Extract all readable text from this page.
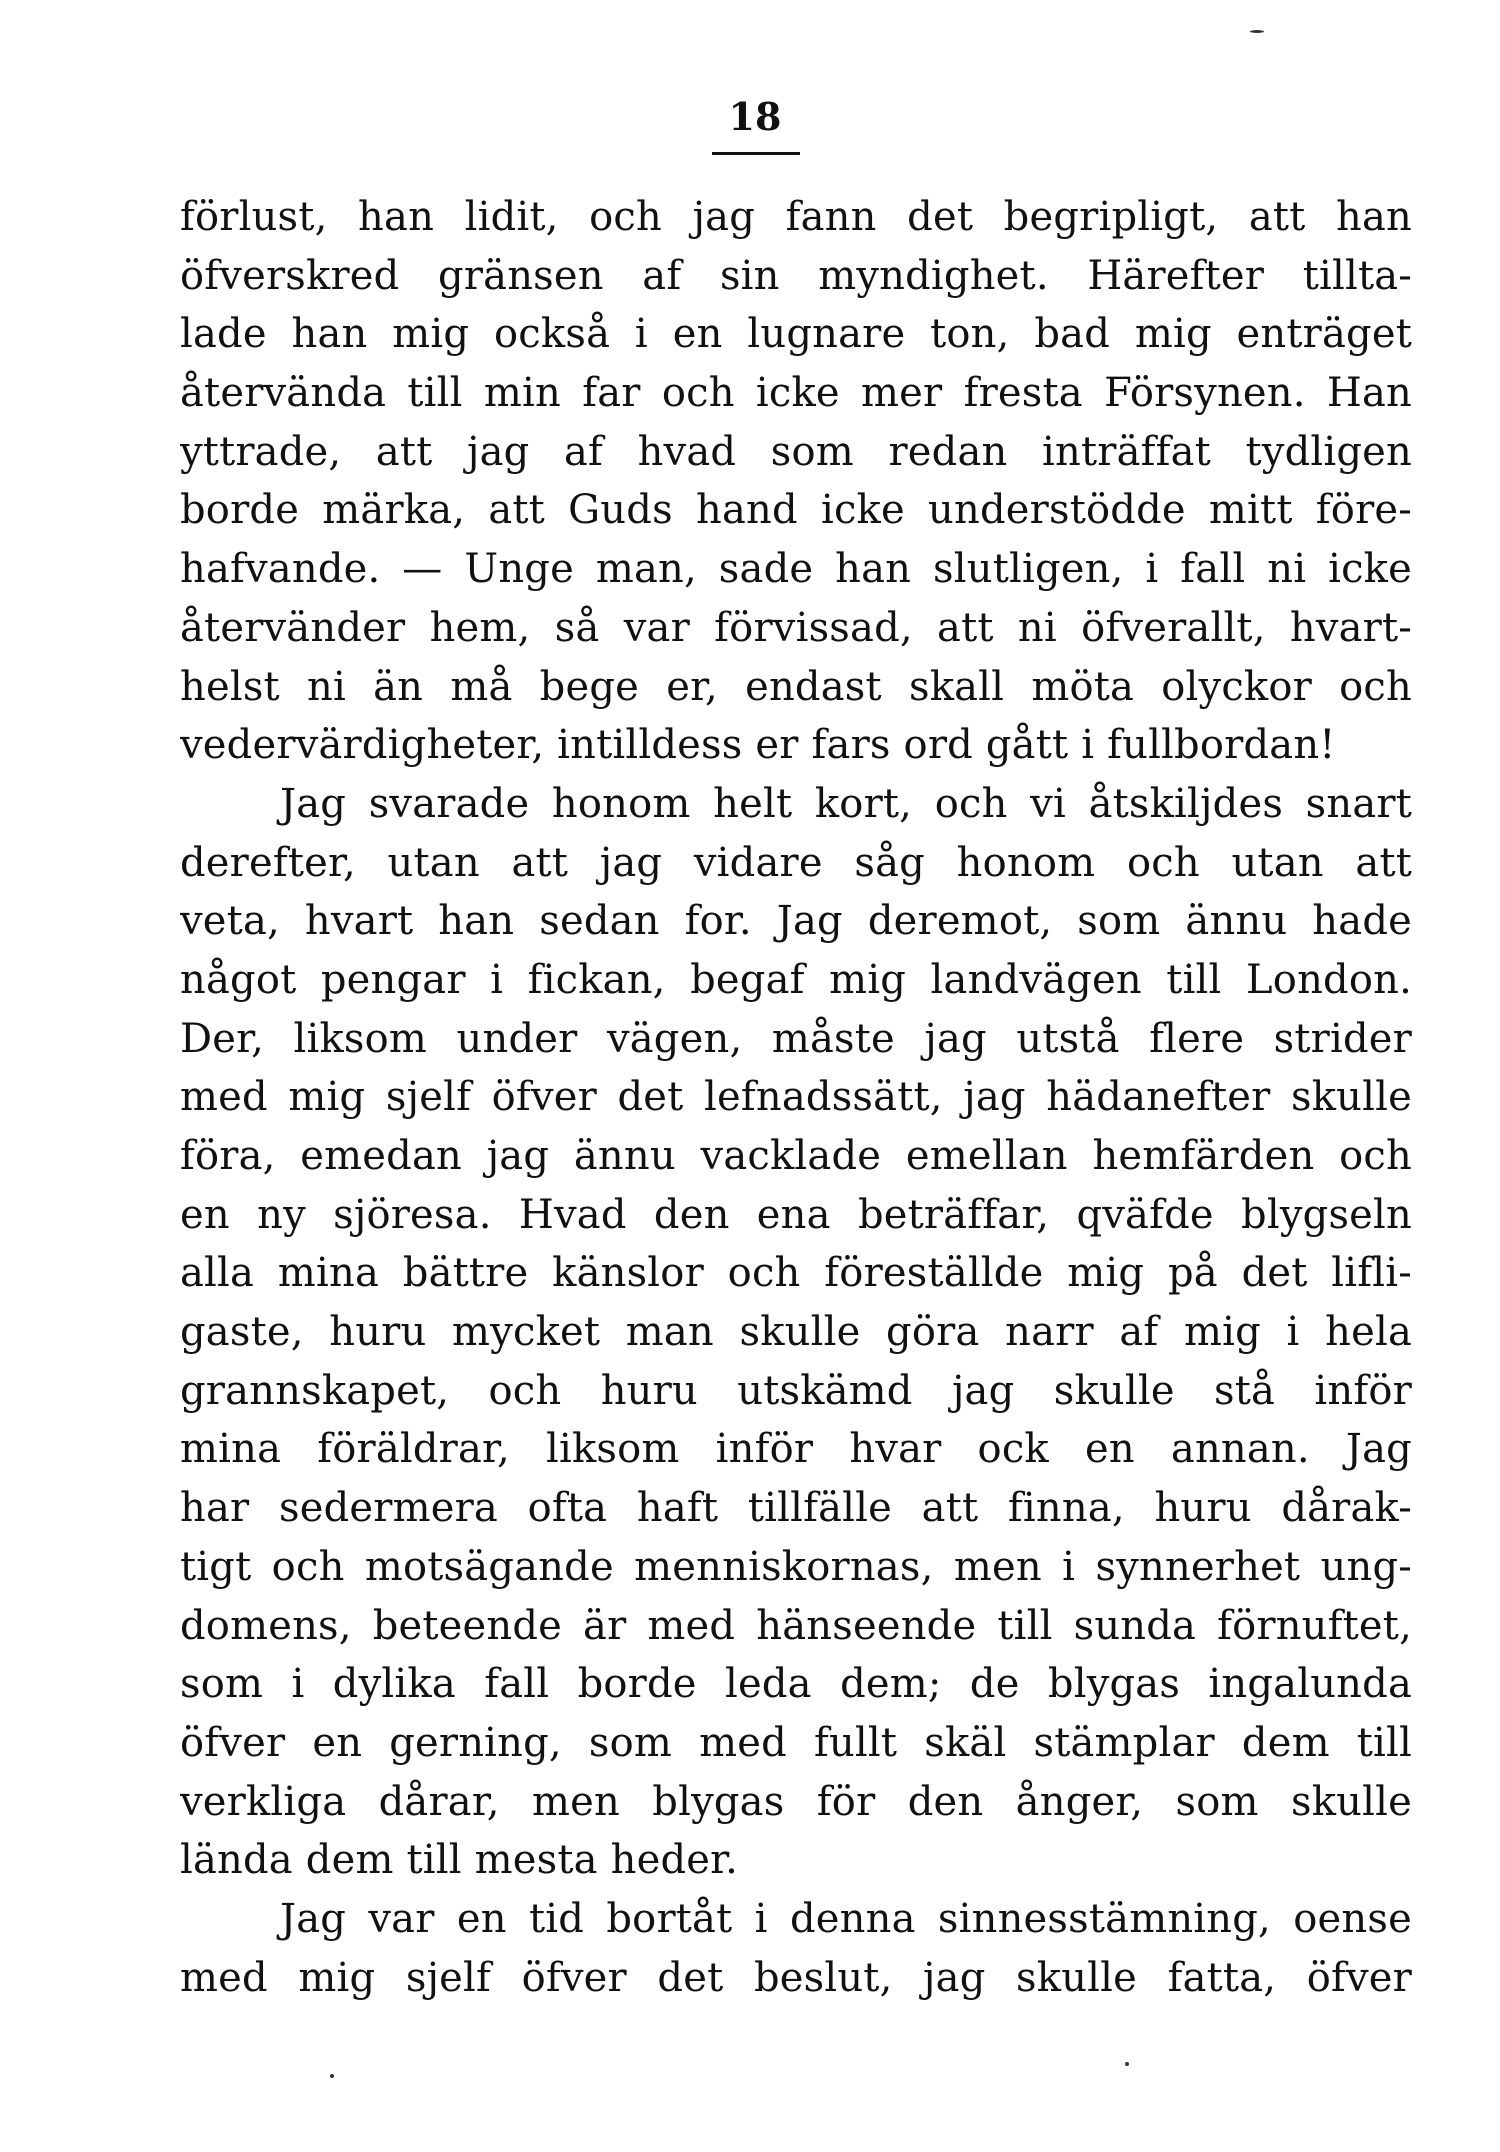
18
förlust, han lidit, och jag fann det begripligt, att han
öfverskred gränsen af sin myndighet. Härefter tillta-
lade han mig också i en lugnare ton, bad mig enträget
återvända till min far och icke mer fresta Försynen. Han
yttrade, att jag af hvad som redan inträffat tydligen
borde märka, att Guds hand icke understödde mitt före-
hafvande. — Unge man, sade han slutligen, i fall ni icke
återvänder hem, så var förvissad, att ni öfverallt, hvart-
helst ni än må bege er, endast skall möta olyckor och
vedervärdigheter, intilldess er fars ord gått i fullbordan!
Jag svarade honom helt kort, och vi åtskiljdes snart
derefter, utan att jag vidare såg honom och utan att
veta, hvart han sedan for. Jag deremot, som ännu hade
något pengar i fickan, begaf mig landvägen till London.
Der, liksom under vägen, måste jag utstå flere strider
med mig sjelf öfver det lefnadssätt, jag hädanefter skulle
föra, emedan jag ännu vacklade emellan hemfärden och
en ny sjöresa. Hvad den ena beträffar, qväfde blygseln
alla mina bättre känslor och föreställde mig på det lifli-
gaste, huru mycket man skulle göra narr af mig i hela
grannskapet, och huru utskämd jag skulle stå inför
mina föräldrar, liksom inför hvar ock en annan. Jag
har sedermera ofta haft tillfälle att finna, huru dårak-
tigt och motsägande menniskornas, men i synnerhet ung-
domens, beteende är med hänseende till sunda förnuftet,
som i dylika fall borde leda dem; de blygas ingalunda
öfver en gerning, som med fullt skäl stämplar dem till
verkliga dårar, men blygas för den ånger, som skulle
lända dem till mesta heder.
Jag var en tid bortåt i denna sinnesstämning, oense
med mig sjelf öfver det beslut, jag skulle fatta, öfver
